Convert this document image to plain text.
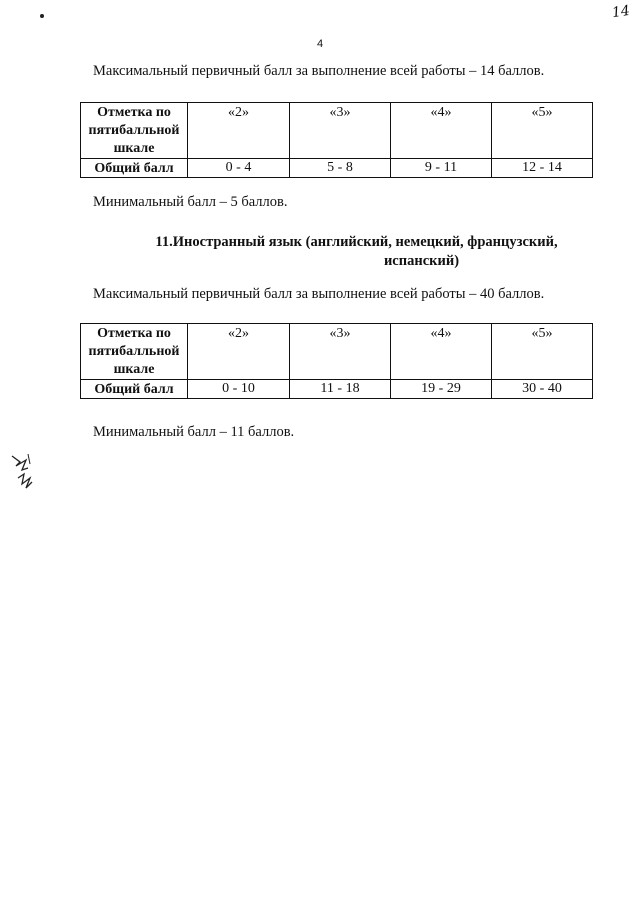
14
4
Максимальный первичный балл за выполнение всей работы – 14 баллов.
Отметка по пятибалльной шкале	«2»	«3»	«4»	«5»
Общий балл	0 - 4	5 - 8	9 - 11	12 - 14
Минимальный балл – 5 баллов.
11.Иностранный язык (английский, немецкий, французский,
испанский)
Максимальный первичный балл за выполнение всей работы – 40 баллов.
Отметка по пятибалльной шкале	«2»	«3»	«4»	«5»
Общий балл	0 - 10	11 - 18	19 - 29	30 - 40
Минимальный балл – 11 баллов.
